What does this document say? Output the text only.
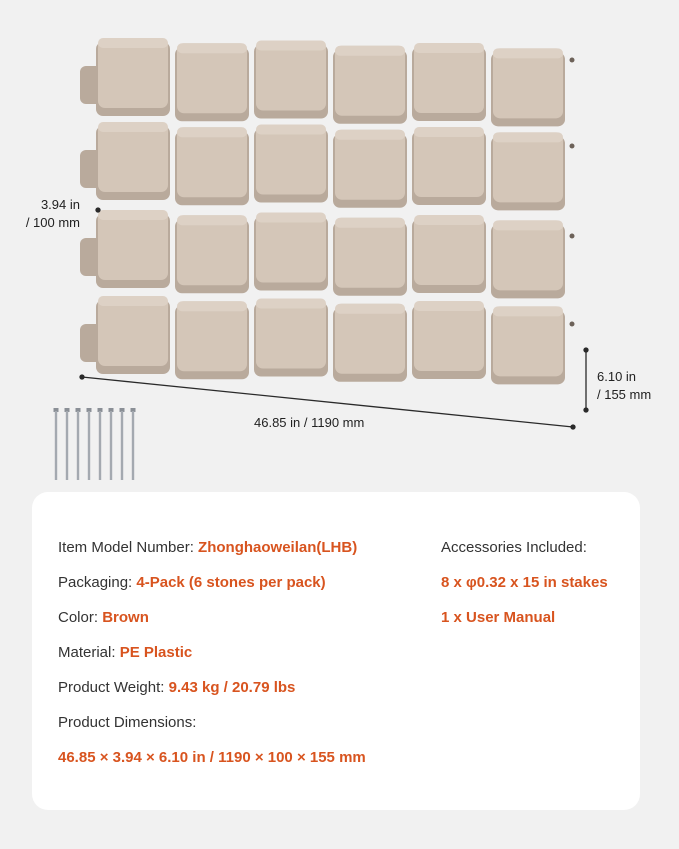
3.94 in
/ 100 mm
6.10 in
/ 155 mm
46.85 in / 1190 mm
Item Model Number: Zhonghaoweilan(LHB)
Packaging: 4-Pack (6 stones per pack)
Color: Brown
Material: PE Plastic
Product Weight: 9.43 kg / 20.79 lbs
Product Dimensions:
46.85 × 3.94 × 6.10 in / 1190 × 100 × 155 mm
Accessories Included:
8 x φ0.32 x 15 in stakes
1 x User Manual
